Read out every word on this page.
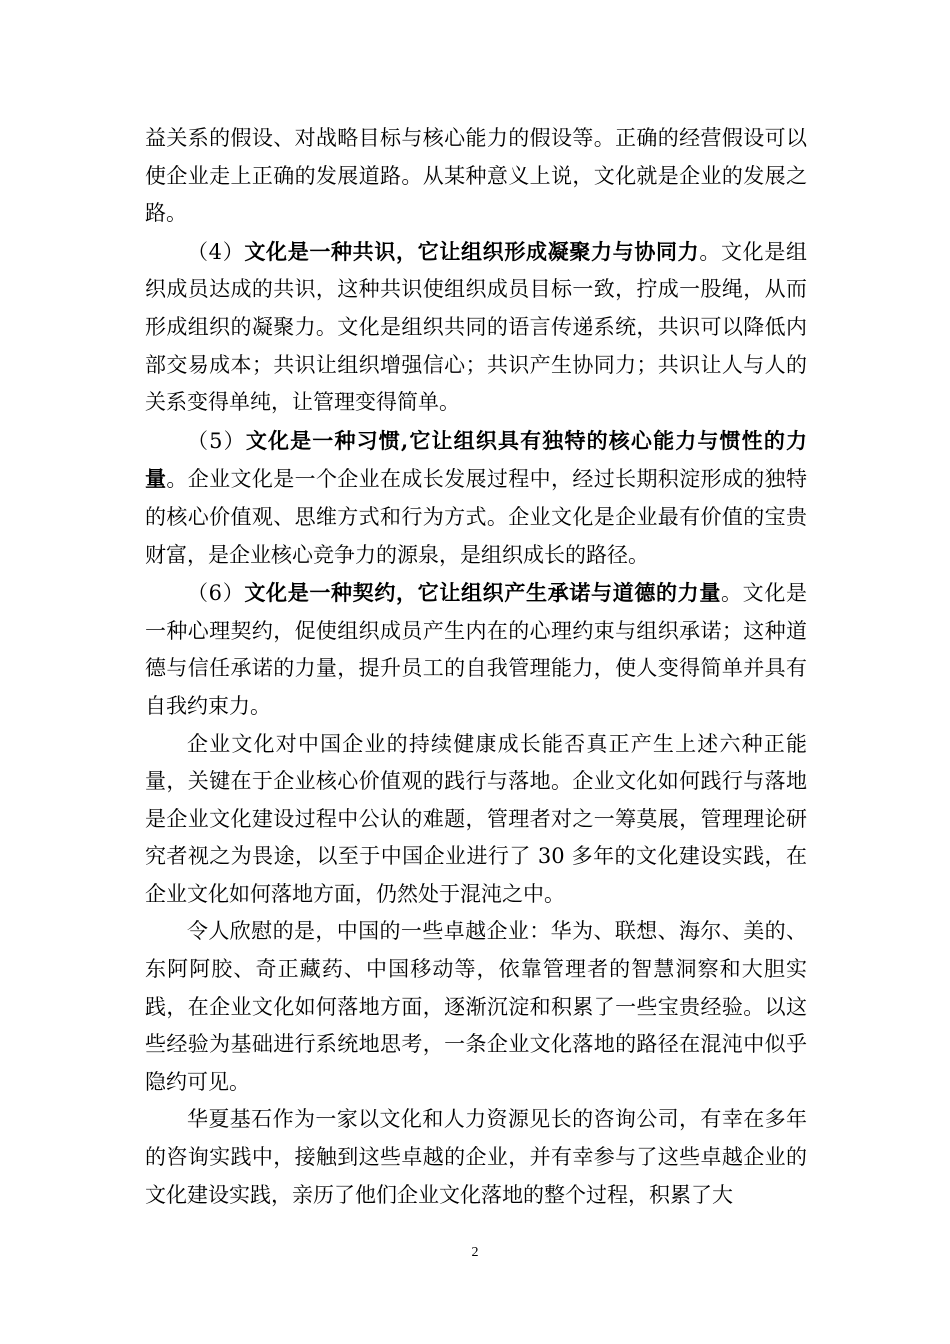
益关系的假设、对战略目标与核心能力的假设等。正确的经营假设可以使企业走上正确的发展道路。从某种意义上说，文化就是企业的发展之路。

（4）文化是一种共识，它让组织形成凝聚力与协同力。文化是组织成员达成的共识，这种共识使组织成员目标一致，拧成一股绳，从而形成组织的凝聚力。文化是组织共同的语言传递系统，共识可以降低内部交易成本；共识让组织增强信心；共识产生协同力；共识让人与人的关系变得单纯，让管理变得简单。

（5）文化是一种习惯,它让组织具有独特的核心能力与惯性的力量。企业文化是一个企业在成长发展过程中，经过长期积淀形成的独特的核心价值观、思维方式和行为方式。企业文化是企业最有价值的宝贵财富，是企业核心竞争力的源泉，是组织成长的路径。

（6）文化是一种契约，它让组织产生承诺与道德的力量。文化是一种心理契约，促使组织成员产生内在的心理约束与组织承诺；这种道德与信任承诺的力量，提升员工的自我管理能力，使人变得简单并具有自我约束力。

企业文化对中国企业的持续健康成长能否真正产生上述六种正能量，关键在于企业核心价值观的践行与落地。企业文化如何践行与落地是企业文化建设过程中公认的难题，管理者对之一筹莫展，管理理论研究者视之为畏途，以至于中国企业进行了 30 多年的文化建设实践，在企业文化如何落地方面，仍然处于混沌之中。

令人欣慰的是，中国的一些卓越企业：华为、联想、海尔、美的、东阿阿胶、奇正藏药、中国移动等，依靠管理者的智慧洞察和大胆实践，在企业文化如何落地方面，逐渐沉淀和积累了一些宝贵经验。以这些经验为基础进行系统地思考，一条企业文化落地的路径在混沌中似乎隐约可见。

华夏基石作为一家以文化和人力资源见长的咨询公司，有幸在多年的咨询实践中，接触到这些卓越的企业，并有幸参与了这些卓越企业的文化建设实践，亲历了他们企业文化落地的整个过程，积累了大

2
